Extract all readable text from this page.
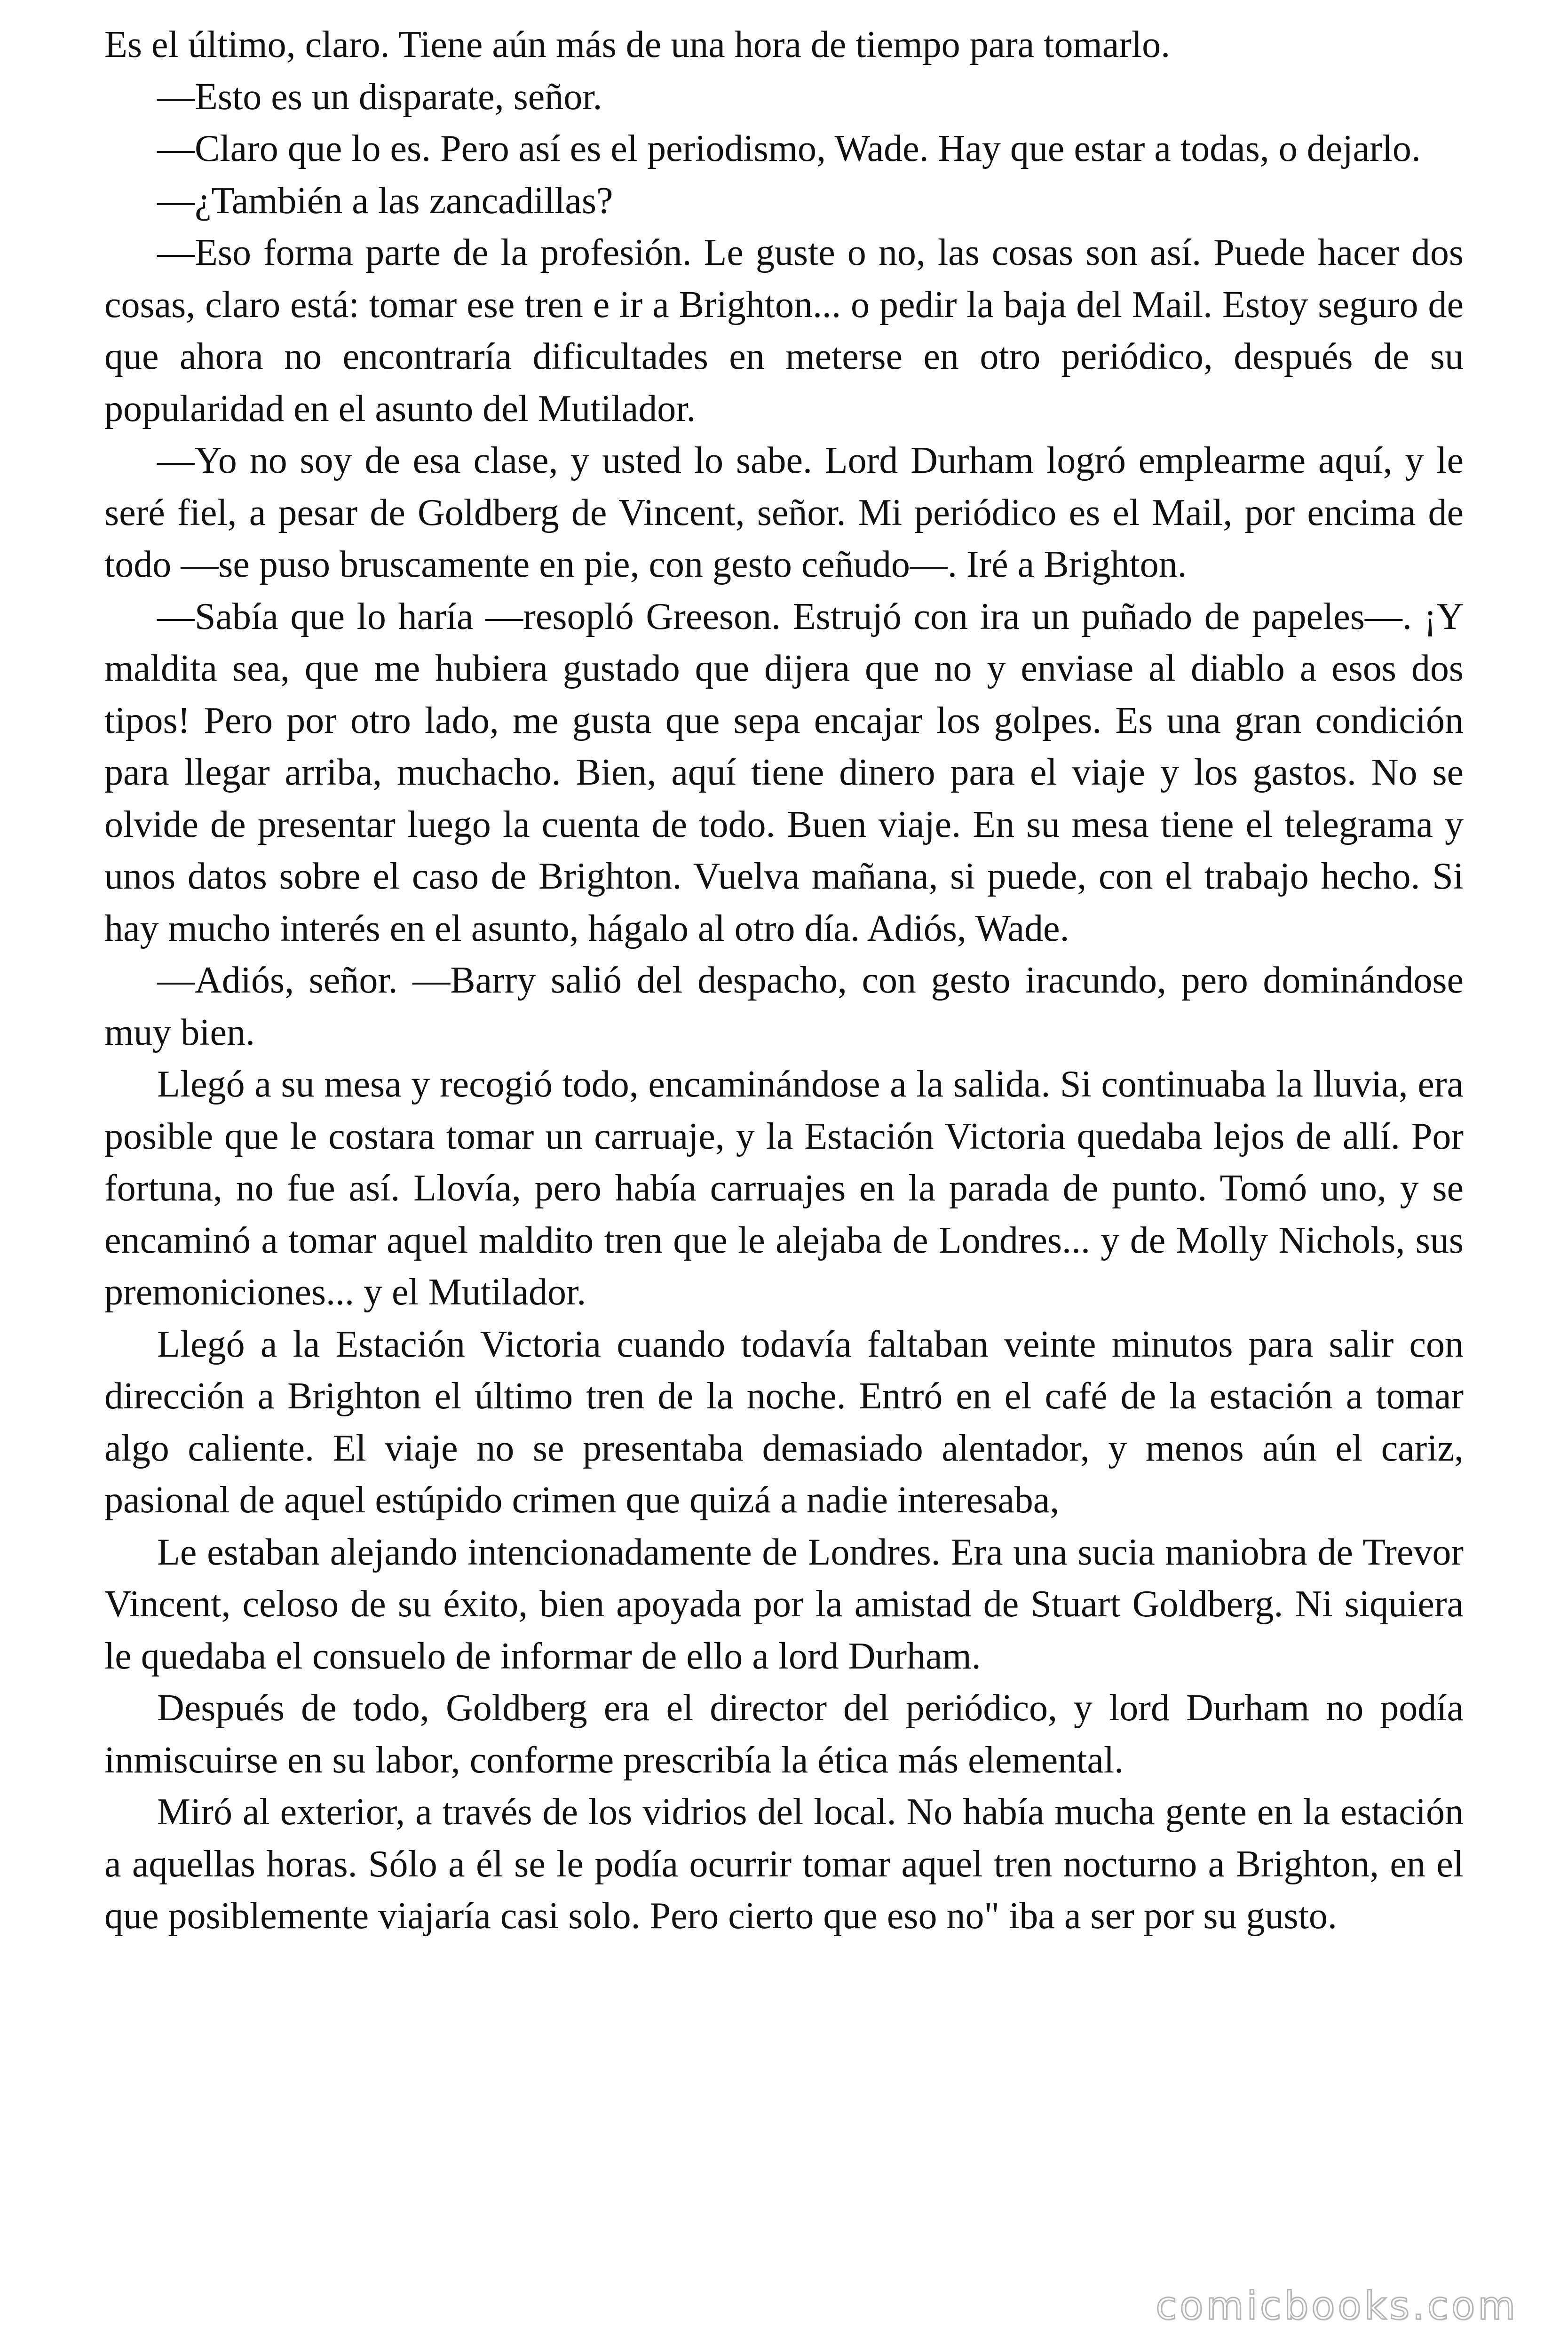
Es el último, claro. Tiene aún más de una hora de tiempo para tomarlo.

—Esto es un disparate, señor.

—Claro que lo es. Pero así es el periodismo, Wade. Hay que estar a todas, o dejarlo.

—¿También a las zancadillas?

—Eso forma parte de la profesión. Le guste o no, las cosas son así. Puede hacer dos cosas, claro está: tomar ese tren e ir a Brighton... o pedir la baja del Mail. Estoy seguro de que ahora no encontraría dificultades en meterse en otro periódico, después de su popularidad en el asunto del Mutilador.

—Yo no soy de esa clase, y usted lo sabe. Lord Durham logró emplearme aquí, y le seré fiel, a pesar de Goldberg de Vincent, señor. Mi periódico es el Mail, por encima de todo —se puso bruscamente en pie, con gesto ceñudo—. Iré a Brighton.

—Sabía que lo haría —resopló Greeson. Estrujó con ira un puñado de papeles—. ¡Y maldita sea, que me hubiera gustado que dijera que no y enviase al diablo a esos dos tipos! Pero por otro lado, me gusta que sepa encajar los golpes. Es una gran condición para llegar arriba, muchacho. Bien, aquí tiene dinero para el viaje y los gastos. No se olvide de presentar luego la cuenta de todo. Buen viaje. En su mesa tiene el telegrama y unos datos sobre el caso de Brighton. Vuelva mañana, si puede, con el trabajo hecho. Si hay mucho interés en el asunto, hágalo al otro día. Adiós, Wade.

—Adiós, señor. —Barry salió del despacho, con gesto iracundo, pero dominándose muy bien.

Llegó a su mesa y recogió todo, encaminándose a la salida. Si continuaba la lluvia, era posible que le costara tomar un carruaje, y la Estación Victoria quedaba lejos de allí. Por fortuna, no fue así. Llovía, pero había carruajes en la parada de punto. Tomó uno, y se encaminó a tomar aquel maldito tren que le alejaba de Londres... y de Molly Nichols, sus premoniciones... y el Mutilador.

Llegó a la Estación Victoria cuando todavía faltaban veinte minutos para salir con dirección a Brighton el último tren de la noche. Entró en el café de la estación a tomar algo caliente. El viaje no se presentaba demasiado alentador, y menos aún el cariz, pasional de aquel estúpido crimen que quizá a nadie interesaba,

Le estaban alejando intencionadamente de Londres. Era una sucia maniobra de Trevor Vincent, celoso de su éxito, bien apoyada por la amistad de Stuart Goldberg. Ni siquiera le quedaba el consuelo de informar de ello a lord Durham.

Después de todo, Goldberg era el director del periódico, y lord Durham no podía inmiscuirse en su labor, conforme prescribía la ética más elemental.

Miró al exterior, a través de los vidrios del local. No había mucha gente en la estación a aquellas horas. Sólo a él se le podía ocurrir tomar aquel tren nocturno a Brighton, en el que posiblemente viajaría casi solo. Pero cierto que eso no" iba a ser por su gusto.

comicbooks.com
